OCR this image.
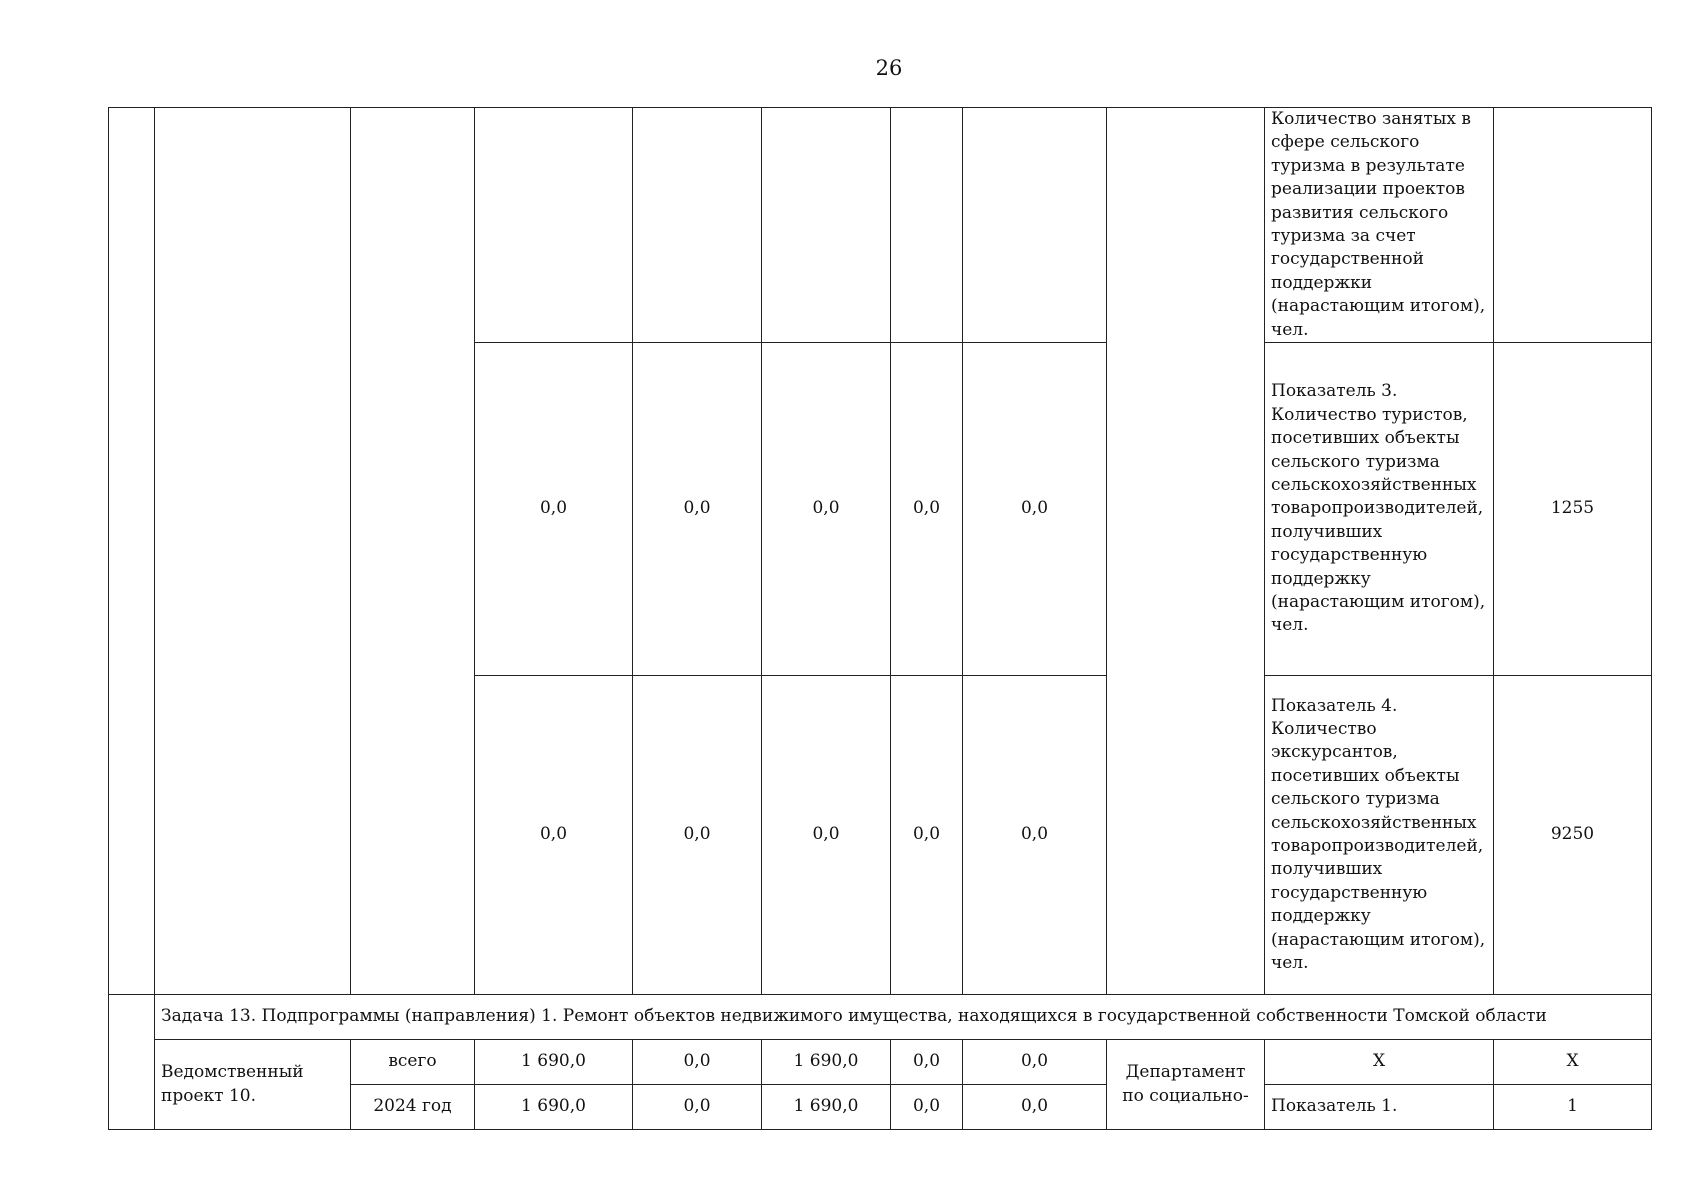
26
									Количество занятых в сфере сельского туризма в результате реализации проектов развития сельского туризма за счет государственной поддержки (нарастающим итогом), чел.	
			0,0	0,0	0,0	0,0	0,0		Показатель 3. Количество туристов, посетивших объекты сельского туризма сельскохозяйственных товаропроизводителей, получивших государственную поддержку (нарастающим итогом), чел.	1255
			0,0	0,0	0,0	0,0	0,0		Показатель 4. Количество экскурсантов, посетивших объекты сельского туризма сельскохозяйственных товаропроизводителей, получивших государственную поддержку (нарастающим итогом), чел.	9250
	Задача 13. Подпрограммы (направления) 1. Ремонт объектов недвижимого имущества, находящихся в государственной собственности Томской области									
	Ведомственный проект 10.	всего	1 690,0	0,0	1 690,0	0,0	0,0	Департамент по социально-	Х	Х
		2024 год	1 690,0	0,0	1 690,0	0,0	0,0		Показатель 1.	1
